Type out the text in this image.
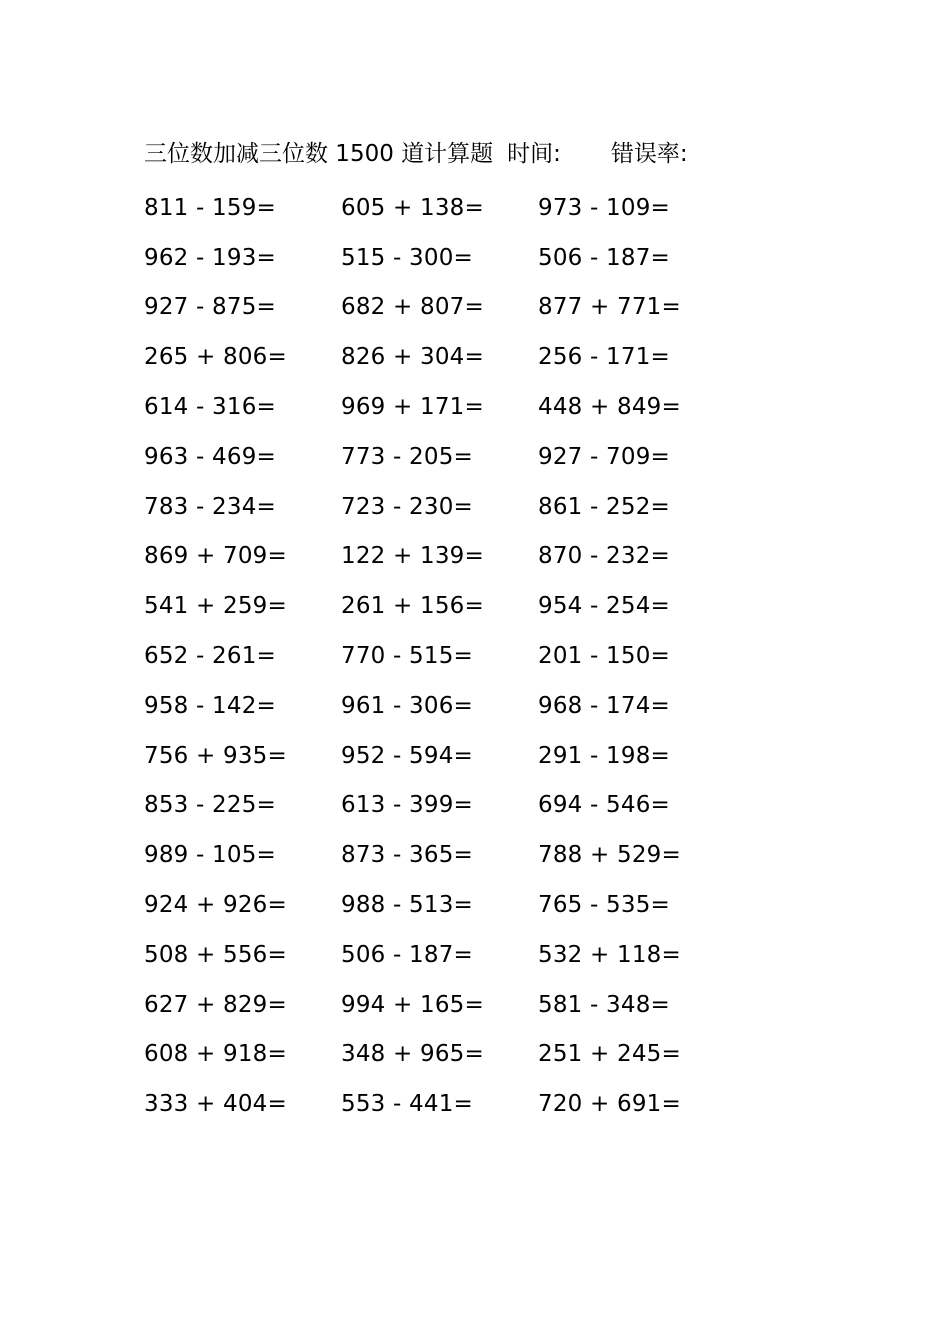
三位数加减三位数 1500 道计算题 时间: 错误率:
811 - 159=	605 + 138=	973 - 109=
962 - 193=	515 - 300=	506 - 187=
927 - 875=	682 + 807=	877 + 771=
265 + 806=	826 + 304=	256 - 171=
614 - 316=	969 + 171=	448 + 849=
963 - 469=	773 - 205=	927 - 709=
783 - 234=	723 - 230=	861 - 252=
869 + 709=	122 + 139=	870 - 232=
541 + 259=	261 + 156=	954 - 254=
652 - 261=	770 - 515=	201 - 150=
958 - 142=	961 - 306=	968 - 174=
756 + 935=	952 - 594=	291 - 198=
853 - 225=	613 - 399=	694 - 546=
989 - 105=	873 - 365=	788 + 529=
924 + 926=	988 - 513=	765 - 535=
508 + 556=	506 - 187=	532 + 118=
627 + 829=	994 + 165=	581 - 348=
608 + 918=	348 + 965=	251 + 245=
333 + 404=	553 - 441=	720 + 691=
